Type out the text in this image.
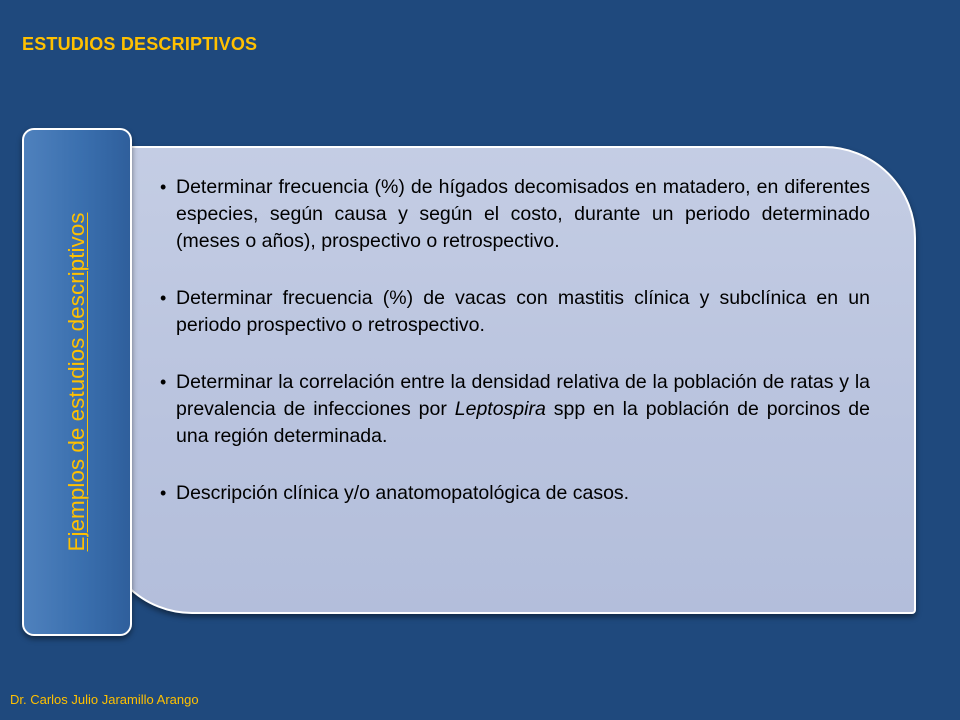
ESTUDIOS DESCRIPTIVOS
• Determinar frecuencia (%) de hígados decomisados en matadero, en diferentes especies, según causa y según el costo, durante un periodo determinado (meses o años), prospectivo o retrospectivo.
• Determinar frecuencia (%) de vacas con mastitis clínica y subclínica en un periodo prospectivo o retrospectivo.
• Determinar la correlación entre la densidad relativa de la población de ratas y la prevalencia de infecciones por Leptospira spp en la población de porcinos de una región determinada.
• Descripción clínica y/o anatomopatológica de casos.
Ejemplos de estudios descriptivos
Dr. Carlos Julio Jaramillo Arango
